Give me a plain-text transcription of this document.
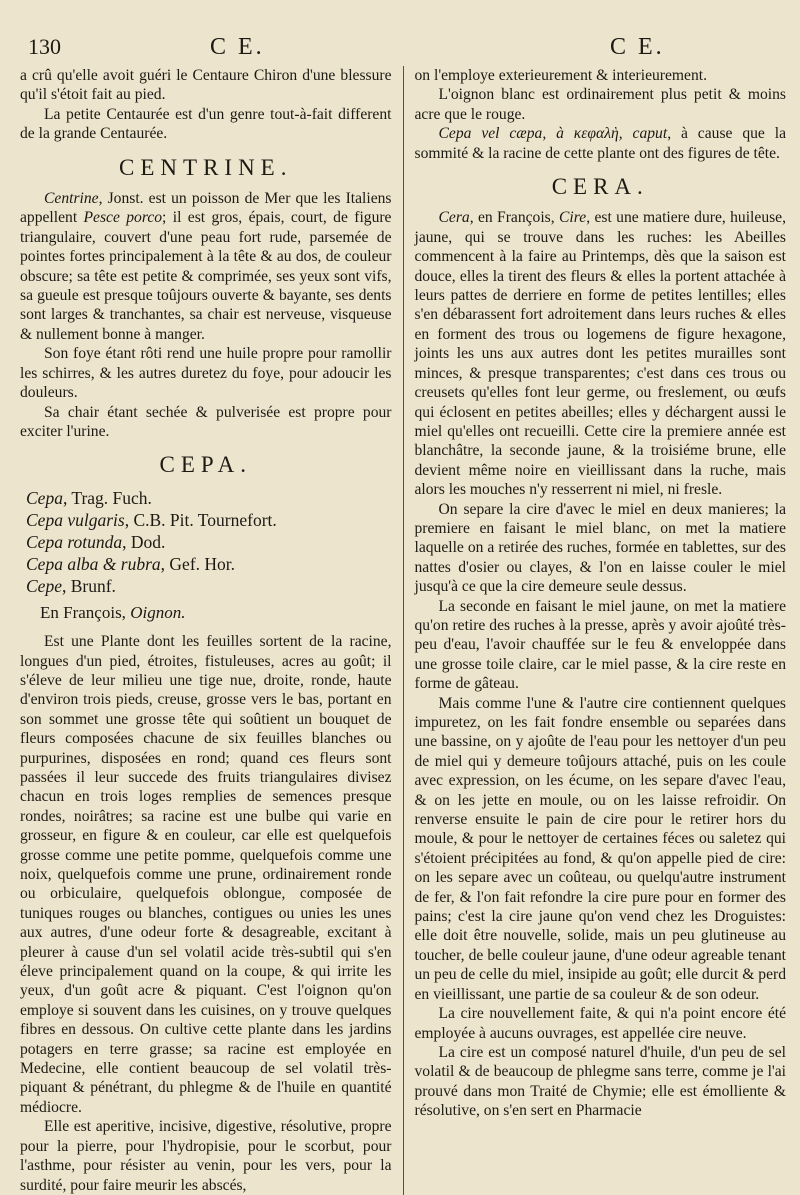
130	C E.	C E.

a crû qu'elle avoit guéri le Centaure Chiron d'une blessure qu'il s'étoit fait au pied.

La petite Centaurée est d'un genre tout-à-fait different de la grande Centaurée.

CENTRINE.

Centrine, Jonst. est un poisson de Mer que les Italiens appellent Pesce porco; il est gros, épais, court, de figure triangulaire, couvert d'une peau fort rude, parsemée de pointes fortes principalement à la tête & au dos, de couleur obscure; sa tête est petite & comprimée, ses yeux sont vifs, sa gueule est presque toûjours ouverte & bayante, ses dents sont larges & tranchantes, sa chair est nerveuse, visqueuse & nullement bonne à manger.

Son foye étant rôti rend une huile propre pour ramollir les schirres, & les autres duretez du foye, pour adoucir les douleurs.

Sa chair étant sechée & pulverisée est propre pour exciter l'urine.

CEPA.
Cepa, Trag. Fuch.
Cepa vulgaris, C.B. Pit. Tournefort.
Cepa rotunda, Dod.
Cepa alba & rubra, Gef. Hor.
Cepe, Brunf.
En François, Oignon.

Est une Plante dont les feuilles sortent de la racine, longues d'un pied, étroites, fistuleuses, acres au goût; il s'éleve de leur milieu une tige nue, droite, ronde, haute d'environ trois pieds, creuse, grosse vers le bas, portant en son sommet une grosse tête qui soûtient un bouquet de fleurs composées chacune de six feuilles blanches ou purpurines, disposées en rond; quand ces fleurs sont passées il leur succede des fruits triangulaires divisez chacun en trois loges remplies de semences presque rondes, noirâtres; sa racine est une bulbe qui varie en grosseur, en figure & en couleur, car elle est quelquefois grosse comme une petite pomme, quelquefois comme une noix, quelquefois comme une prune, ordinairement ronde ou orbiculaire, quelquefois oblongue, composée de tuniques rouges ou blanches, contigues ou unies les unes aux autres, d'une odeur forte & desagreable, excitant à pleurer à cause d'un sel volatil acide très-subtil qui s'en éleve principalement quand on la coupe, & qui irrite les yeux, d'un goût acre & piquant. C'est l'oignon qu'on employe si souvent dans les cuisines, on y trouve quelques fibres en dessous. On cultive cette plante dans les jardins potagers en terre grasse; sa racine est employée en Medecine, elle contient beaucoup de sel volatil très-piquant & pénétrant, du phlegme & de l'huile en quantité médiocre.

Elle est aperitive, incisive, digestive, résolutive, propre pour la pierre, pour l'hydropisie, pour le scorbut, pour l'asthme, pour résister au venin, pour les vers, pour la surdité, pour faire meurir les abscés,

on l'employe exterieurement & interieurement.

L'oignon blanc est ordinairement plus petit & moins acre que le rouge.

Cepa vel cæpa, à κεφαλὴ, caput, à cause que la sommité & la racine de cette plante ont des figures de tête.

CERA.

Cera, en François, Cire, est une matiere dure, huileuse, jaune, qui se trouve dans les ruches: les Abeilles commencent à la faire au Printemps, dès que la saison est douce, elles la tirent des fleurs & elles la portent attachée à leurs pattes de derriere en forme de petites lentilles; elles s'en débarassent fort adroitement dans leurs ruches & elles en forment des trous ou logemens de figure hexagone, joints les uns aux autres dont les petites murailles sont minces, & presque transparentes; c'est dans ces trous ou creusets qu'elles font leur germe, ou freslement, ou œufs qui éclosent en petites abeilles; elles y déchargent aussi le miel qu'elles ont recueilli. Cette cire la premiere année est blanchâtre, la seconde jaune, & la troisiéme brune, elle devient même noire en vieillissant dans la ruche, mais alors les mouches n'y resserrent ni miel, ni fresle.

On separe la cire d'avec le miel en deux manieres; la premiere en faisant le miel blanc, on met la matiere laquelle on a retirée des ruches, formée en tablettes, sur des nattes d'osier ou clayes, & l'on en laisse couler le miel jusqu'à ce que la cire demeure seule dessus.

La seconde en faisant le miel jaune, on met la matiere qu'on retire des ruches à la presse, après y avoir ajoûté très-peu d'eau, l'avoir chauffée sur le feu & enveloppée dans une grosse toile claire, car le miel passe, & la cire reste en forme de gâteau.

Mais comme l'une & l'autre cire contiennent quelques impuretez, on les fait fondre ensemble ou separées dans une bassine, on y ajoûte de l'eau pour les nettoyer d'un peu de miel qui y demeure toûjours attaché, puis on les coule avec expression, on les écume, on les separe d'avec l'eau, & on les jette en moule, ou on les laisse refroidir. On renverse ensuite le pain de cire pour le retirer hors du moule, & pour le nettoyer de certaines féces ou saletez qui s'étoient précipitées au fond, & qu'on appelle pied de cire: on les separe avec un coûteau, ou quelqu'autre instrument de fer, & l'on fait refondre la cire pure pour en former des pains; c'est la cire jaune qu'on vend chez les Droguistes: elle doit être nouvelle, solide, mais un peu glutineuse au toucher, de belle couleur jaune, d'une odeur agreable tenant un peu de celle du miel, insipide au goût; elle durcit & perd en vieillissant, une partie de sa couleur & de son odeur.

La cire nouvellement faite, & qui n'a point encore été employée à aucuns ouvrages, est appellée cire neuve.

La cire est un composé naturel d'huile, d'un peu de sel volatil & de beaucoup de phlegme sans terre, comme je l'ai prouvé dans mon Traité de Chymie; elle est émolliente & résolutive, on s'en sert en Pharmacie
